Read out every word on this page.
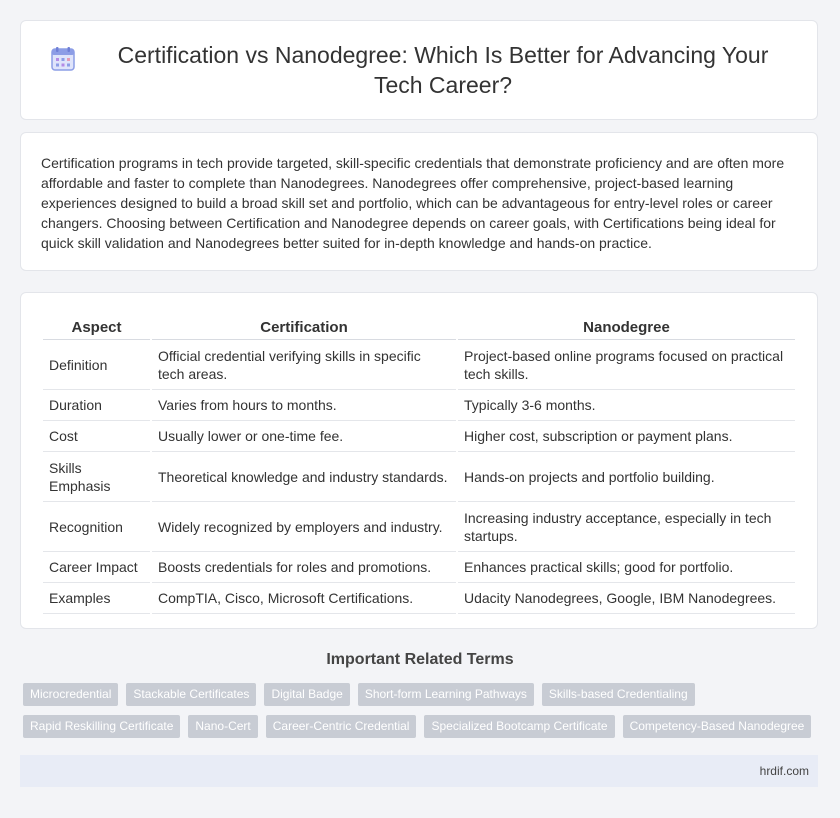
Certification vs Nanodegree: Which Is Better for Advancing Your Tech Career?

Certification programs in tech provide targeted, skill-specific credentials that demonstrate proficiency and are often more affordable and faster to complete than Nanodegrees. Nanodegrees offer comprehensive, project-based learning experiences designed to build a broad skill set and portfolio, which can be advantageous for entry-level roles or career changers. Choosing between Certification and Nanodegree depends on career goals, with Certifications being ideal for quick skill validation and Nanodegrees better suited for in-depth knowledge and hands-on practice.

Aspect	Certification	Nanodegree
Definition	Official credential verifying skills in specific tech areas.	Project-based online programs focused on practical tech skills.
Duration	Varies from hours to months.	Typically 3-6 months.
Cost	Usually lower or one-time fee.	Higher cost, subscription or payment plans.
Skills Emphasis	Theoretical knowledge and industry standards.	Hands-on projects and portfolio building.
Recognition	Widely recognized by employers and industry.	Increasing industry acceptance, especially in tech startups.
Career Impact	Boosts credentials for roles and promotions.	Enhances practical skills; good for portfolio.
Examples	CompTIA, Cisco, Microsoft Certifications.	Udacity Nanodegrees, Google, IBM Nanodegrees.
Important Related Terms
Microcredential	Stackable Certificates	Digital Badge	Short-form Learning Pathways	Skills-based Credentialing
Rapid Reskilling Certificate	Nano-Cert	Career-Centric Credential	Specialized Bootcamp Certificate	Competency-Based Nanodegree
hrdif.com
